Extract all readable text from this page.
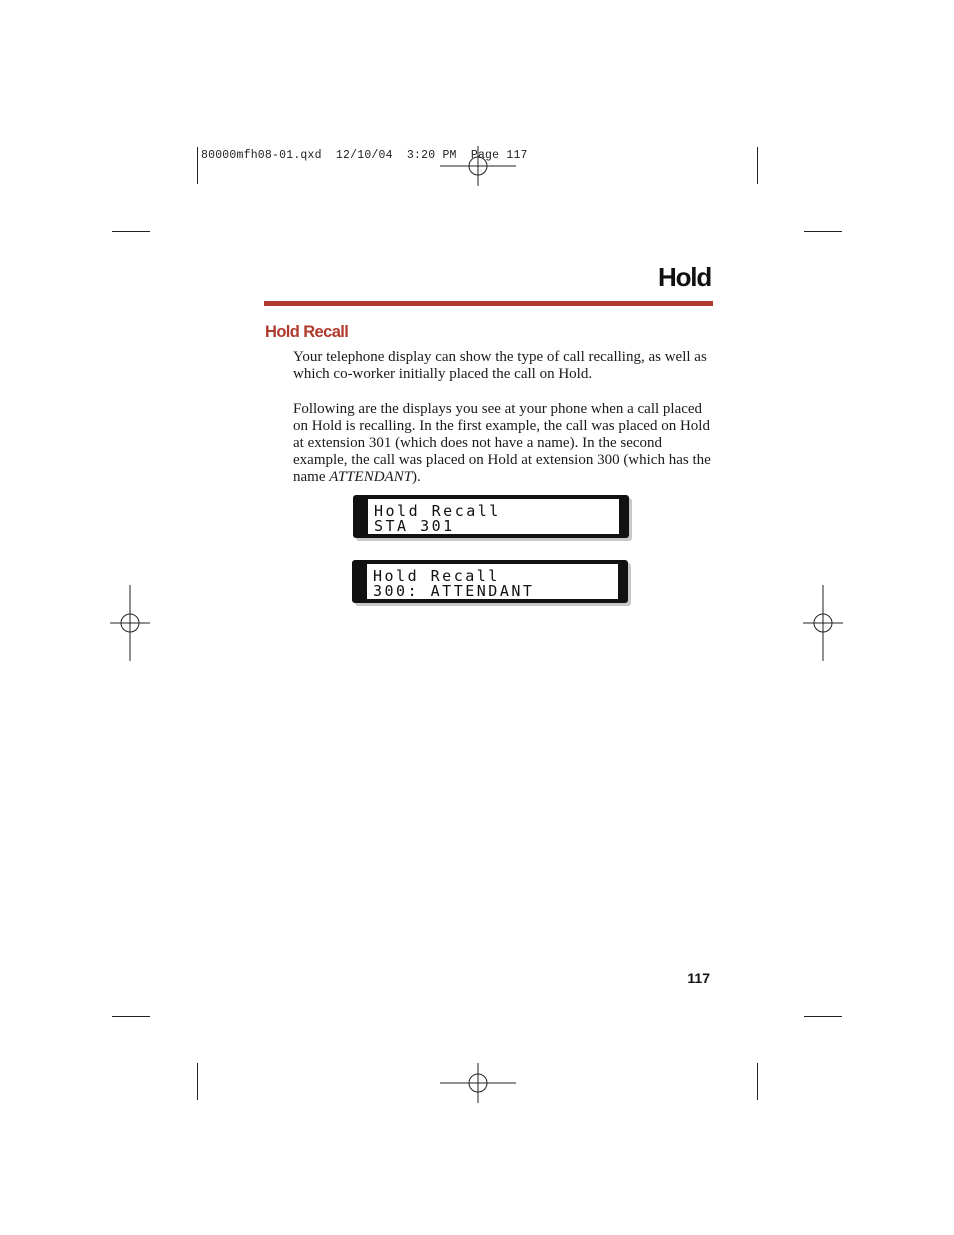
80000mfh08-01.qxd  12/10/04  3:20 PM  Page 117
Hold
Hold Recall

Your telephone display can show the type of call recalling, as well as which co-worker initially placed the call on Hold.

Following are the displays you see at your phone when a call placed on Hold is recalling. In the first example, the call was placed on Hold at extension 301 (which does not have a name). In the second example, the call was placed on Hold at extension 300 (which has the name ATTENDANT).

Hold Recall
STA 301
Hold Recall
300: ATTENDANT
117
